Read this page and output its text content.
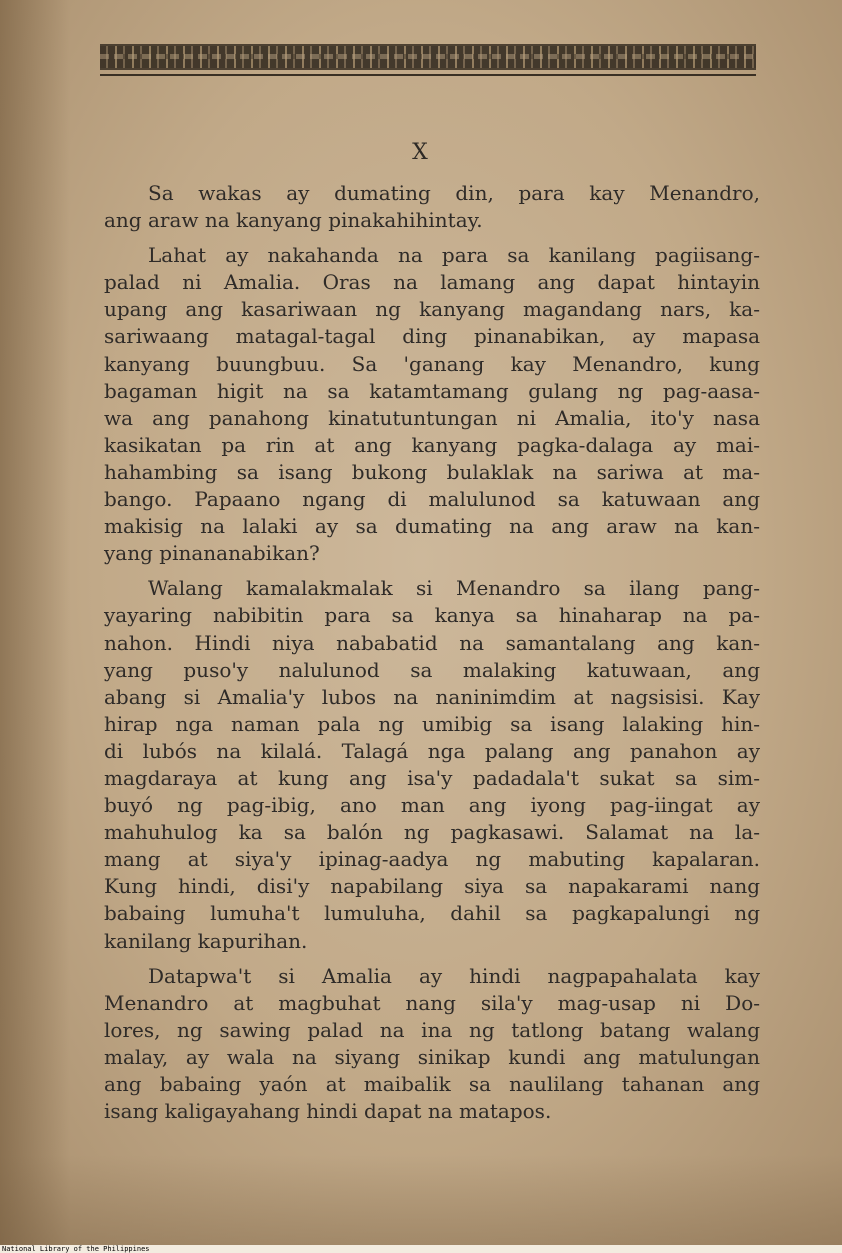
X
Sa wakas ay dumating din, para kay Menandro,
ang araw na kanyang pinakahihintay.
Lahat ay nakahanda na para sa kanilang pagiisang-
palad ni Amalia. Oras na lamang ang dapat hintayin
upang ang kasariwaan ng kanyang magandang nars, ka-
sariwaang matagal-tagal ding pinanabikan, ay mapasa
kanyang buungbuu. Sa 'ganang kay Menandro, kung
bagaman higit na sa katamtamang gulang ng pag-aasa-
wa ang panahong kinatutuntungan ni Amalia, ito'y nasa
kasikatan pa rin at ang kanyang pagka-dalaga ay mai-
hahambing sa isang bukong bulaklak na sariwa at ma-
bango. Papaano ngang di malulunod sa katuwaan ang
makisig na lalaki ay sa dumating na ang araw na kan-
yang pinananabikan?
Walang kamalakmalak si Menandro sa ilang pang-
yayaring nabibitin para sa kanya sa hinaharap na pa-
nahon. Hindi niya nababatid na samantalang ang kan-
yang puso'y nalulunod sa malaking katuwaan, ang
abang si Amalia'y lubos na naninimdim at nagsisisi. Kay
hirap nga naman pala ng umibig sa isang lalaking hin-
di lubós na kilalá. Talagá nga palang ang panahon ay
magdaraya at kung ang isa'y padadala't sukat sa sim-
buyó ng pag-ibig, ano man ang iyong pag-iingat ay
mahuhulog ka sa balón ng pagkasawi. Salamat na la-
mang at siya'y ipinag-aadya ng mabuting kapalaran.
Kung hindi, disi'y napabilang siya sa napakarami nang
babaing lumuha't lumuluha, dahil sa pagkapalungi ng
kanilang kapurihan.
Datapwa't si Amalia ay hindi nagpapahalata kay
Menandro at magbuhat nang sila'y mag-usap ni Do-
lores, ng sawing palad na ina ng tatlong batang walang
malay, ay wala na siyang sinikap kundi ang matulungan
ang babaing yaón at maibalik sa naulilang tahanan ang
isang kaligayahang hindi dapat na matapos.
National Library of the Philippines
